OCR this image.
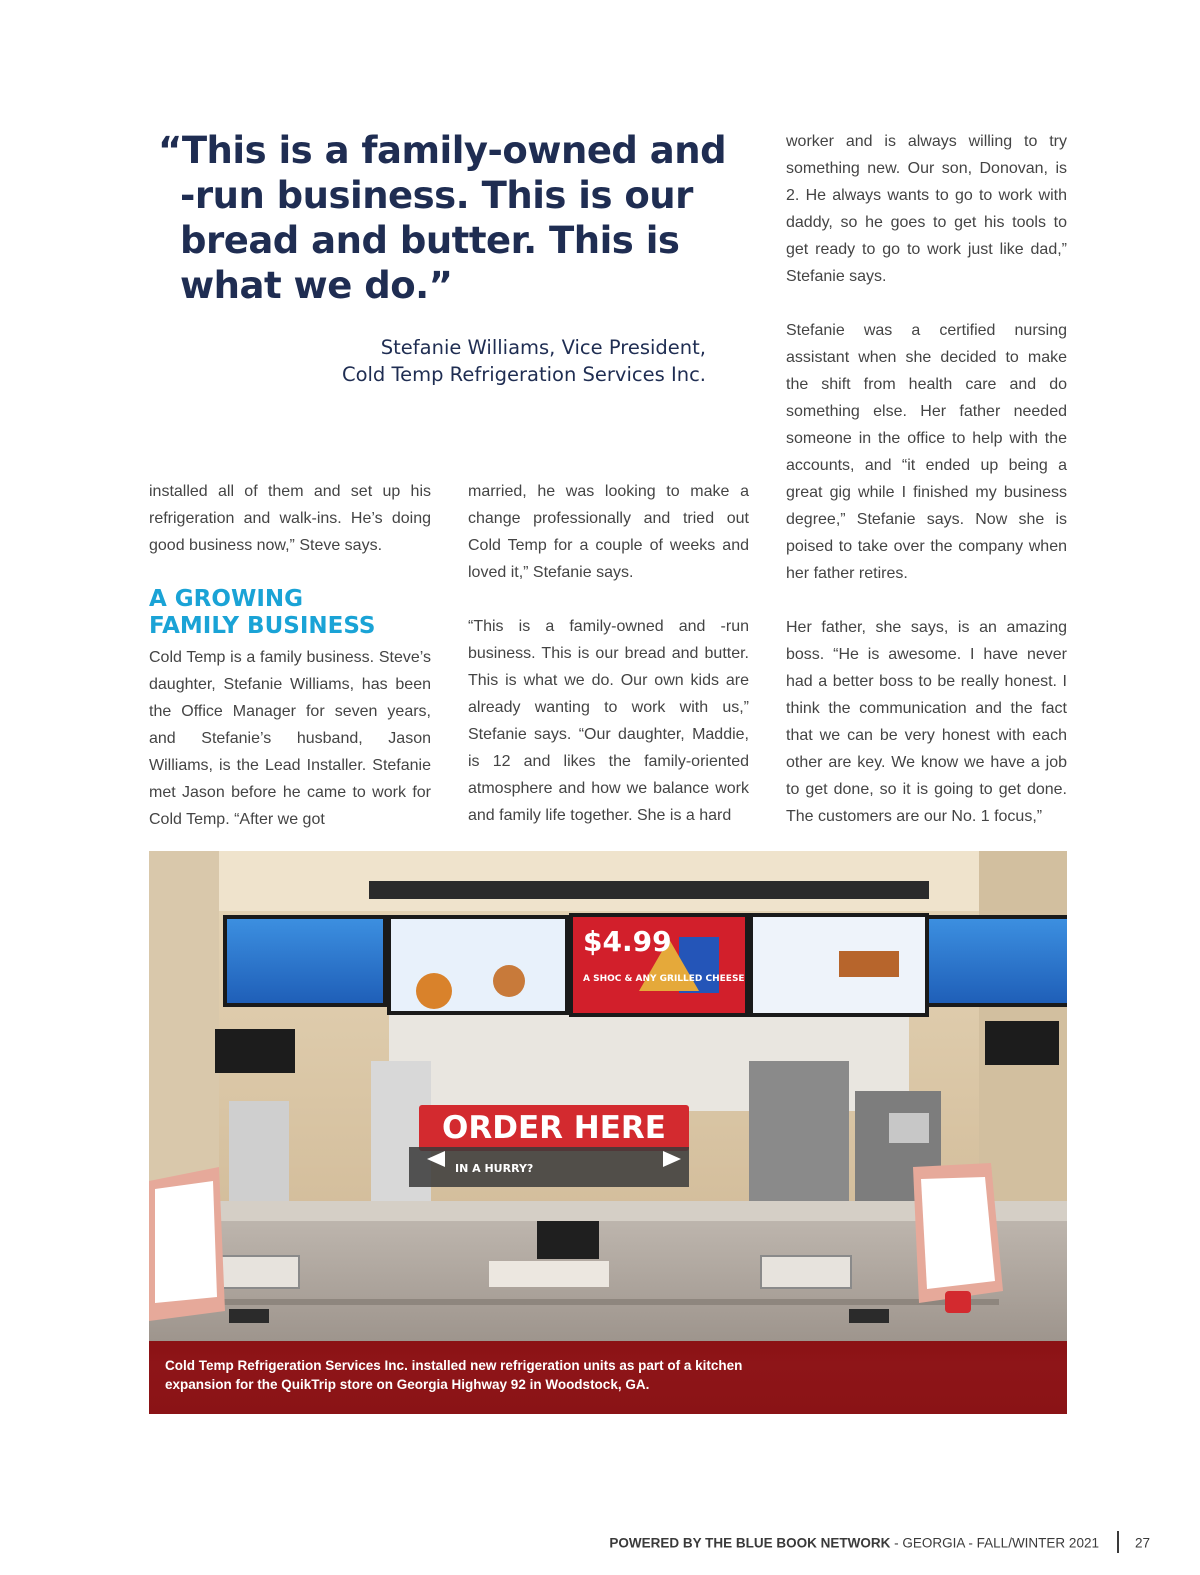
“This is a family-owned and
-run business. This is our
bread and butter. This is
what we do.”
Stefanie Williams, Vice President,
Cold Temp Refrigeration Services Inc.

installed all of them and set up his refrigeration and walk-ins. He’s doing good business now,” Steve says.

A GROWING
FAMILY BUSINESS

Cold Temp is a family business. Steve’s daughter, Stefanie Williams, has been the Office Manager for seven years, and Stefanie’s husband, Jason Williams, is the Lead Installer. Stefanie met Jason before he came to work for Cold Temp. “After we got

married, he was looking to make a change professionally and tried out Cold Temp for a couple of weeks and loved it,” Stefanie says.

“This is a family-owned and -run business. This is our bread and butter. This is what we do. Our own kids are already wanting to work with us,” Stefanie says. “Our daughter, Maddie, is 12 and likes the family-oriented atmosphere and how we balance work and family life together. She is a hard

worker and is always willing to try something new. Our son, Donovan, is 2. He always wants to go to work with daddy, so he goes to get his tools to get ready to go to work just like dad,” Stefanie says.

Stefanie was a certified nursing assistant when she decided to make the shift from health care and do something else. Her father needed someone in the office to help with the accounts, and “it ended up being a great gig while I finished my business degree,” Stefanie says. Now she is poised to take over the company when her father retires.

Her father, she says, is an amazing boss. “He is awesome. I have never had a better boss to be really honest. I think the communication and the fact that we can be very honest with each other are key. We know we have a job to get done, so it is going to get done. The customers are our No. 1 focus,”

$4.99
A SHOC & ANY GRILLED CHEESE
ORDER HERE
IN A HURRY?
Cold Temp Refrigeration Services Inc. installed new refrigeration units as part of a kitchen
expansion for the QuikTrip store on Georgia Highway 92 in Woodstock, GA.
POWERED BY THE BLUE BOOK NETWORK - GEORGIA - FALL/WINTER 2021	27
